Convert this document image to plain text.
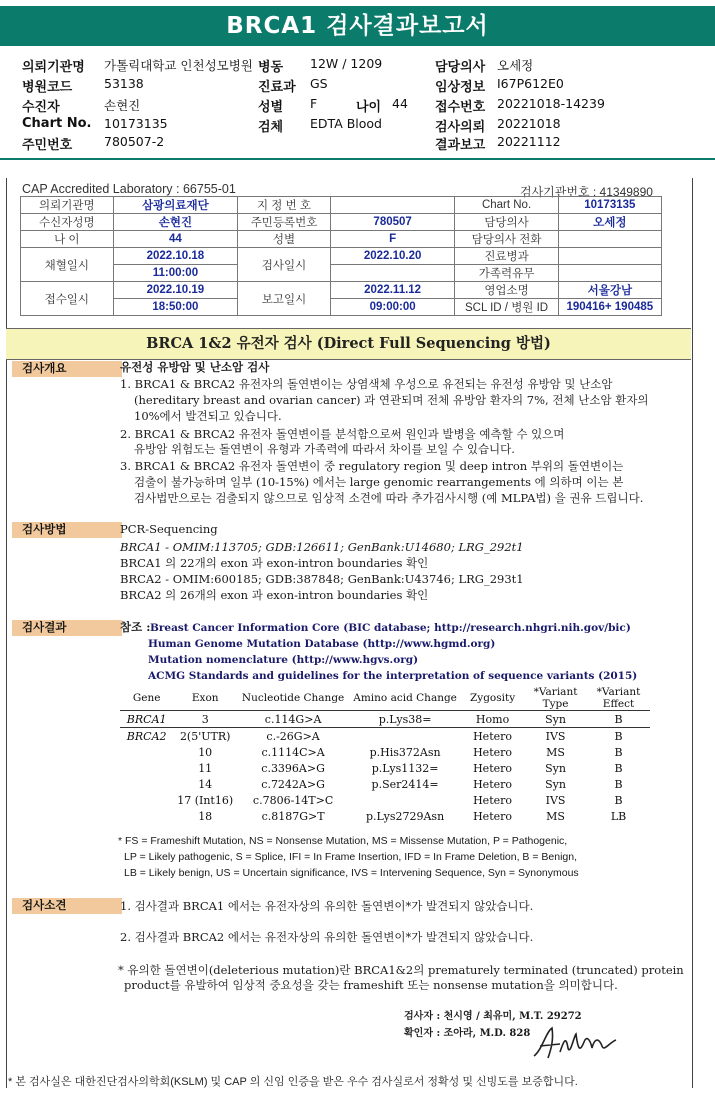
BRCA1 검사결과보고서
의뢰기관명 가톨릭대학교 인천성모병원
병원코드	53138
수진자	손현진
Chart No. 10173135
주민번호	780507-2
병동 12W / 1209
진료과 GS
성별 F	나이 44
검체 EDTA Blood
담당의사 오세정
임상정보 I67P612E0
접수번호 20221018-14239
검사의뢰 20221018
결과보고 20221112
CAP Accredited Laboratory : 66755-01	검사기관번호 : 41349890
의뢰기관명	삼광의료재단	지 정 번 호		Chart No.	10173135
수신자성명	손현진	주민등록번호	780507	담당의사	오세정
나 이	44	성별	F	담당의사 전화	
채혈일시	2022.10.18	검사일시	2022.10.20	진료병과	
	11:00:00			가족력유무	
접수일시	2022.10.19	보고일시	2022.11.12	영업소명	서울강남
	18:50:00		09:00:00	SCL ID / 병원 ID	190416+ 190485
BRCA 1&2 유전자 검사 (Direct Full Sequencing 방법)
검사개요	유전성 유방암 및 난소암 검사
1. BRCA1 & BRCA2 유전자의 돌연변이는 상염색체 우성으로 유전되는 유전성 유방암 및 난소암
(hereditary breast and ovarian cancer) 과 연관되며 전체 유방암 환자의 7%, 전체 난소암 환자의
10%에서 발견되고 있습니다.
2. BRCA1 & BRCA2 유전자 돌연변이를 분석함으로써 원인과 발병을 예측할 수 있으며
유방암 위험도는 돌연변이 유형과 가족력에 따라서 차이를 보일 수 있습니다.
3. BRCA1 & BRCA2 유전자 돌연변이 중 regulatory region 및 deep intron 부위의 돌연변이는
검출이 불가능하며 일부 (10-15%) 에서는 large genomic rearrangements 에 의하며 이는 본
검사법만으로는 검출되지 않으므로 임상적 소견에 따라 추가검사시행 (예 MLPA법) 을 권유 드립니다.
검사방법	PCR-Sequencing
BRCA1 - OMIM:113705; GDB:126611; GenBank:U14680; LRG_292t1
BRCA1 의 22개의 exon 과 exon-intron boundaries 확인
BRCA2 - OMIM:600185; GDB:387848; GenBank:U43746; LRG_293t1
BRCA2 의 26개의 exon 과 exon-intron boundaries 확인
검사결과	참조 : Breast Cancer Information Core (BIC database; http://research.nhgri.nih.gov/bic)
Human Genome Mutation Database (http://www.hgmd.org)
Mutation nomenclature (http://www.hgvs.org)
ACMG Standards and guidelines for the interpretation of sequence variants (2015)
Gene	Exon	Nucleotide Change	Amino acid Change	Zygosity	*Variant Type	*Variant Effect
BRCA1	3	c.114G>A	p.Lys38=	Homo	Syn	B
BRCA2	2(5'UTR)	c.-26G>A		Hetero	IVS	B
	10	c.1114C>A	p.His372Asn	Hetero	MS	B
	11	c.3396A>G	p.Lys1132=	Hetero	Syn	B
	14	c.7242A>G	p.Ser2414=	Hetero	Syn	B
	17 (Int16)	c.7806-14T>C		Hetero	IVS	B
	18	c.8187G>T	p.Lys2729Asn	Hetero	MS	LB
* FS = Frameshift Mutation, NS = Nonsense Mutation, MS = Missense Mutation, P = Pathogenic,
LP = Likely pathogenic, S = Splice, IFI = In Frame Insertion, IFD = In Frame Deletion, B = Benign,
LB = Likely benign, US = Uncertain significance, IVS = Intervening Sequence, Syn = Synonymous
검사소견	1. 검사결과 BRCA1 에서는 유전자상의 유의한 돌연변이*가 발견되지 않았습니다.
2. 검사결과 BRCA2 에서는 유전자상의 유의한 돌연변이*가 발견되지 않았습니다.
* 유의한 돌연변이(deleterious mutation)란 BRCA1&2의 prematurely terminated (truncated) protein
product를 유발하여 임상적 중요성을 갖는 frameshift 또는 nonsense mutation을 의미합니다.
검사자 : 천시영 / 최유미, M.T. 29272
확인자 : 조아라, M.D. 828
* 본 검사실은 대한진단검사의학회(KSLM) 및 CAP 의 신임 인증을 받은 우수 검사실로서 정확성 및 신빙도를 보증합니다.
